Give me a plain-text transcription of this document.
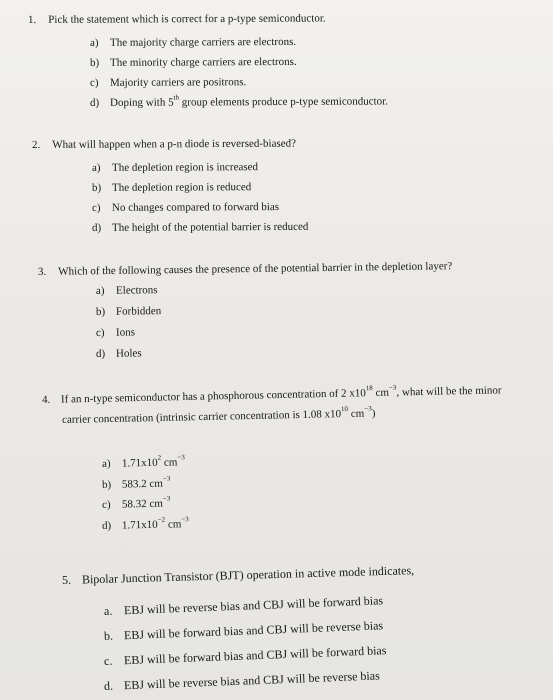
1. Pick the statement which is correct for a p-type semiconductor.
a) The majority charge carriers are electrons.
b) The minority charge carriers are electrons.
c) Majority carriers are positrons.
d) Doping with 5th group elements produce p-type semiconductor.
2. What will happen when a p-n diode is reversed-biased?
a) The depletion region is increased
b) The depletion region is reduced
c) No changes compared to forward bias
d) The height of the potential barrier is reduced
3. Which of the following causes the presence of the potential barrier in the depletion layer?
a) Electrons
b) Forbidden
c) Ions
d) Holes
4. If an n-type semiconductor has a phosphorous concentration of 2 $x10^{18}$ $cm^{-3}$, what will be the minor
carrier concentration (intrinsic carrier concentration is 1.08 $x10^{10}$ $cm^{-3}$)
a) $1.71x10^2$ $cm^{-3}$
b) 583.2 $cm^{-3}$
c) 58.32 $cm^{-3}$
d) $1.71x10^{-2}$ $cm^{-3}$
5. Bipolar Junction Transistor (BJT) operation in active mode indicates,
a. EBJ will be reverse bias and CBJ will be forward bias
b. EBJ will be forward bias and CBJ will be reverse bias
c. EBJ will be forward bias and CBJ will be forward bias
d. EBJ will be reverse bias and CBJ will be reverse bias
